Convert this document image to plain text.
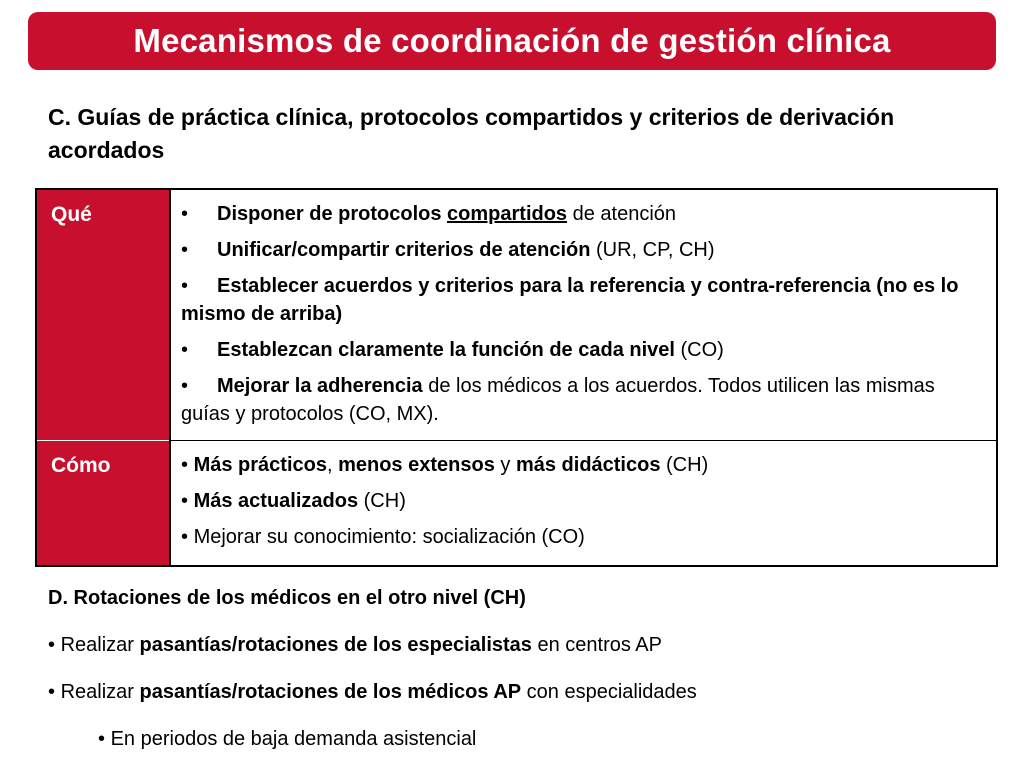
Mecanismos de coordinación de gestión clínica
C. Guías de práctica clínica, protocolos compartidos y criterios de derivación acordados
Qué	• Disponer de protocolos compartidos de atención
• Unificar/compartir criterios de atención (UR, CP, CH)
• Establecer acuerdos y criterios para la referencia y contra-referencia (no es lo mismo de arriba)
• Establezcan claramente la función de cada nivel (CO)
• Mejorar la adherencia de los médicos a los acuerdos. Todos utilicen las mismas guías y protocolos (CO, MX).

Cómo	• Más prácticos, menos extensos y más didácticos (CH)
• Más actualizados (CH)
• Mejorar su conocimiento: socialización (CO)

D. Rotaciones de los médicos en el otro nivel (CH)

• Realizar pasantías/rotaciones de los especialistas en centros AP

• Realizar pasantías/rotaciones de los médicos AP con especialidades

• En periodos de baja demanda asistencial
